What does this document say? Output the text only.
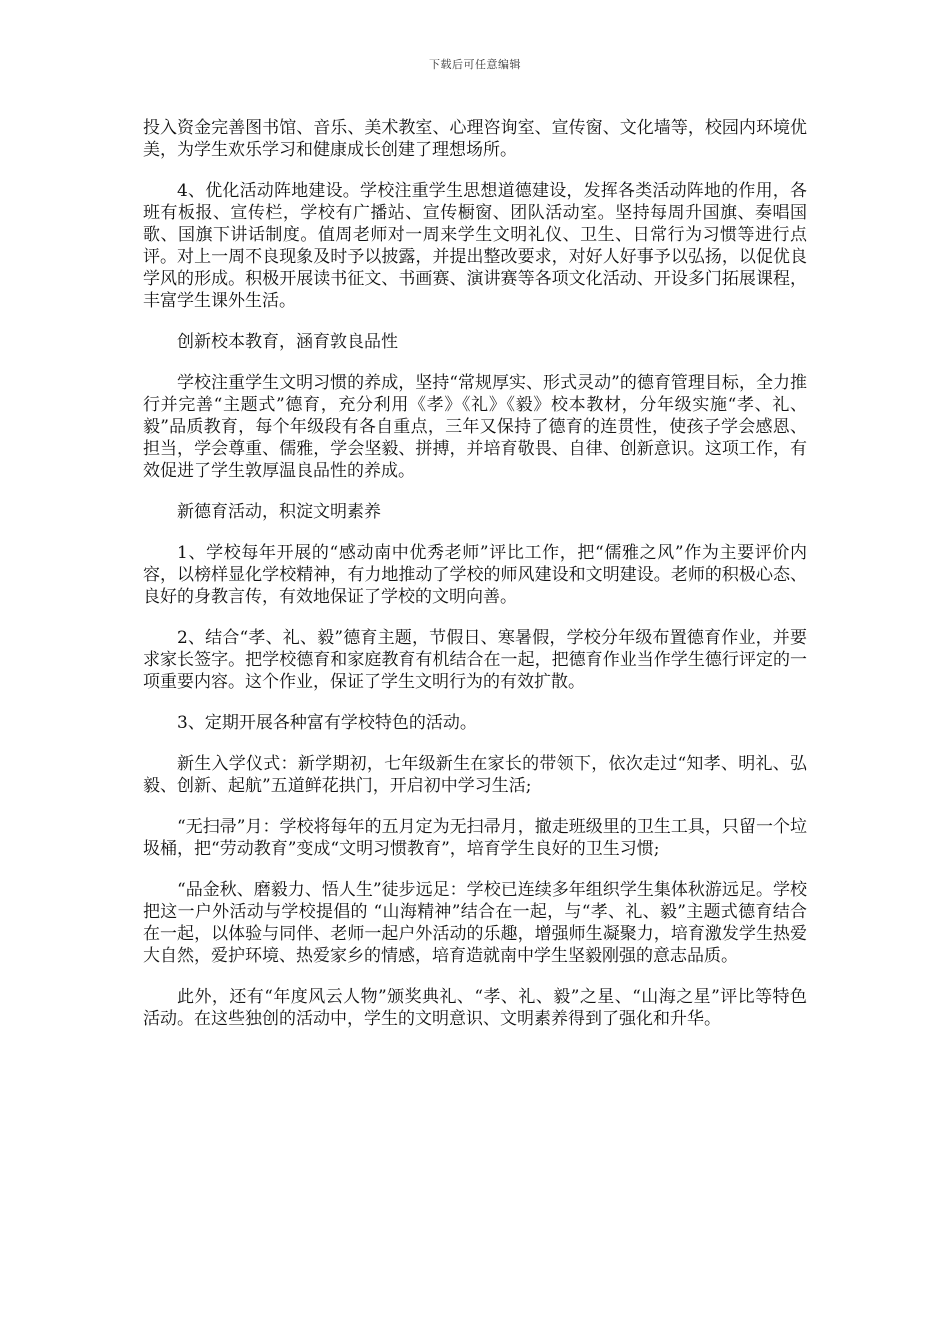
下载后可任意编辑

投入资金完善图书馆、音乐、美术教室、心理咨询室、宣传窗、文化墙等，校园内环境优美，为学生欢乐学习和健康成长创建了理想场所。

4、优化活动阵地建设。学校注重学生思想道德建设，发挥各类活动阵地的作用，各班有板报、宣传栏，学校有广播站、宣传橱窗、团队活动室。坚持每周升国旗、奏唱国歌、国旗下讲话制度。值周老师对一周来学生文明礼仪、卫生、日常行为习惯等进行点评。对上一周不良现象及时予以披露，并提出整改要求，对好人好事予以弘扬，以促优良学风的形成。积极开展读书征文、书画赛、演讲赛等各项文化活动、开设多门拓展课程，丰富学生课外生活。

创新校本教育，涵育敦良品性

学校注重学生文明习惯的养成，坚持“常规厚实、形式灵动”的德育管理目标，全力推行并完善“主题式”德育，充分利用《孝》《礼》《毅》校本教材，分年级实施“孝、礼、毅”品质教育，每个年级段有各自重点，三年又保持了德育的连贯性，使孩子学会感恩、担当，学会尊重、儒雅，学会坚毅、拼搏，并培育敬畏、自律、创新意识。这项工作，有效促进了学生敦厚温良品性的养成。

新德育活动，积淀文明素养

1、学校每年开展的“感动南中优秀老师”评比工作，把“儒雅之风”作为主要评价内容，以榜样显化学校精神，有力地推动了学校的师风建设和文明建设。老师的积极心态、良好的身教言传，有效地保证了学校的文明向善。

2、结合“孝、礼、毅”德育主题，节假日、寒暑假，学校分年级布置德育作业，并要求家长签字。把学校德育和家庭教育有机结合在一起，把德育作业当作学生德行评定的一项重要内容。这个作业，保证了学生文明行为的有效扩散。

3、定期开展各种富有学校特色的活动。

新生入学仪式：新学期初，七年级新生在家长的带领下，依次走过“知孝、明礼、弘毅、创新、起航”五道鲜花拱门，开启初中学习生活;

“无扫帚”月：学校将每年的五月定为无扫帚月，撤走班级里的卫生工具，只留一个垃圾桶，把“劳动教育”变成“文明习惯教育”，培育学生良好的卫生习惯;

“品金秋、磨毅力、悟人生”徒步远足：学校已连续多年组织学生集体秋游远足。学校把这一户外活动与学校提倡的 “山海精神”结合在一起，与“孝、礼、毅”主题式德育结合在一起，以体验与同伴、老师一起户外活动的乐趣，增强师生凝聚力，培育激发学生热爱大自然，爱护环境、热爱家乡的情感，培育造就南中学生坚毅刚强的意志品质。

此外，还有“年度风云人物”颁奖典礼、“孝、礼、毅”之星、“山海之星”评比等特色活动。在这些独创的活动中，学生的文明意识、文明素养得到了强化和升华。
